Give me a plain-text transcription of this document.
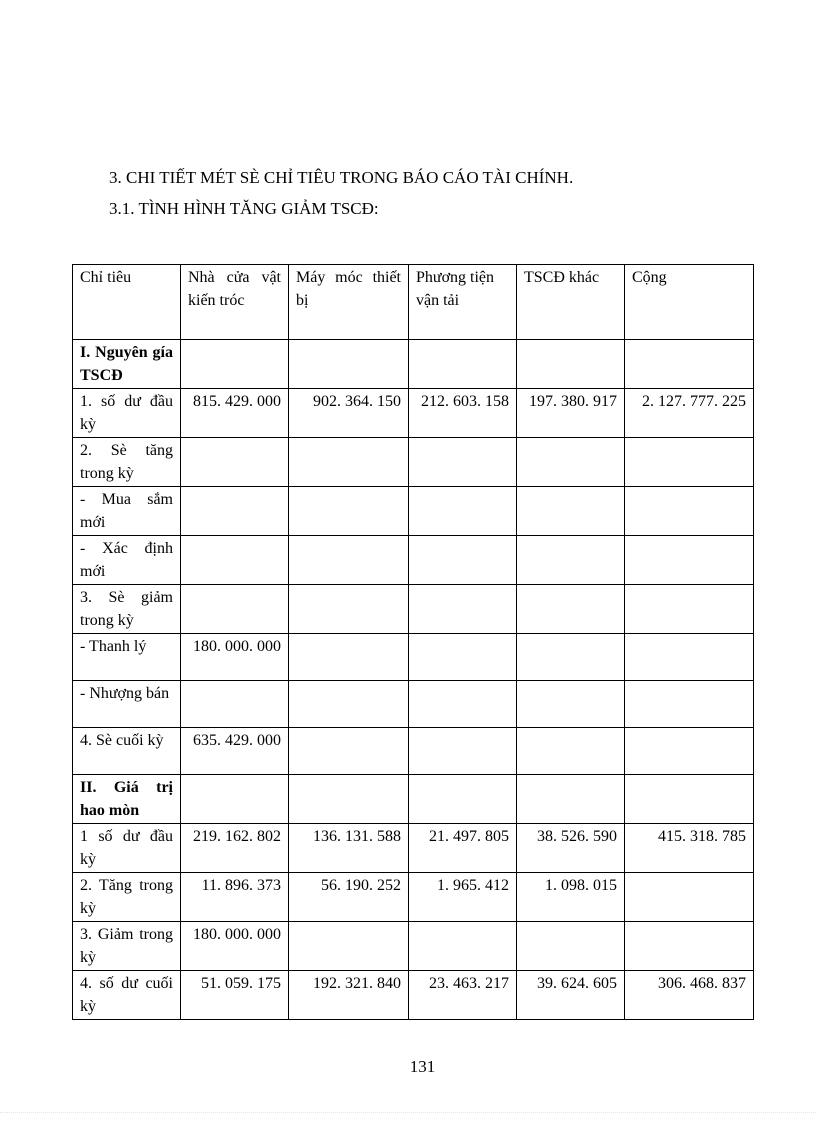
3. CHI TIẾT MÉT SÈ CHỈ TIÊU TRONG BÁO CÁO TÀI CHÍNH.
3.1. TÌNH HÌNH TĂNG GIẢM TSCĐ:
Chỉ tiêu	Nhà cửa vật kiến tróc	Máy móc thiết bị	Phương tiện vận tải	TSCĐ khác	Cộng
I. Nguyên gía TSCĐ					
1. số dư đầu kỳ	815. 429. 000	902. 364. 150	212. 603. 158	197. 380. 917	2. 127. 777. 225
2. Sè tăng trong kỳ					
- Mua sắm mới					
- Xác định mới					
3. Sè giảm trong kỳ					
- Thanh lý	180. 000. 000				
- Nhượng bán					
4. Sè cuối kỳ	635. 429. 000				
II. Giá trị hao mòn					
1 số dư đầu kỳ	219. 162. 802	136. 131. 588	21. 497. 805	38. 526. 590	415. 318. 785
2. Tăng trong kỳ	11. 896. 373	56. 190. 252	1. 965. 412	1. 098. 015	
3. Giảm trong kỳ	180. 000. 000				
4. số dư cuối kỳ	51. 059. 175	192. 321. 840	23. 463. 217	39. 624. 605	306. 468. 837
131
